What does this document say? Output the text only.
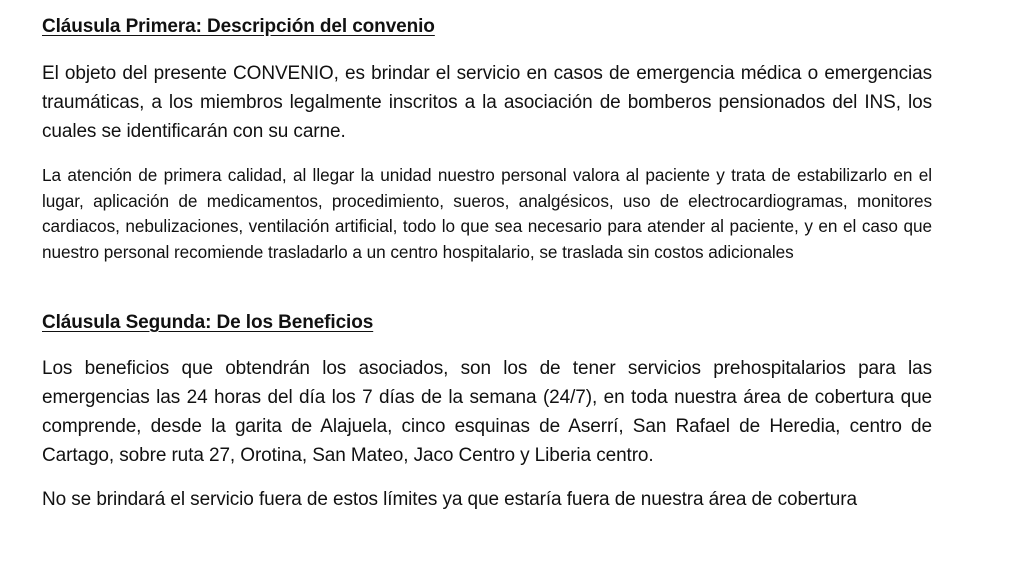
Cláusula Primera: Descripción del convenio

El objeto del presente CONVENIO, es brindar el servicio en casos de emergencia médica o emergencias traumáticas, a los miembros legalmente inscritos a la asociación de bomberos pensionados del INS, los cuales se identificarán con su carne.

La atención de primera calidad, al llegar la unidad nuestro personal valora al paciente y trata de estabilizarlo en el lugar, aplicación de medicamentos, procedimiento, sueros, analgésicos, uso de electrocardiogramas, monitores cardiacos, nebulizaciones, ventilación artificial, todo lo que sea necesario para atender al paciente, y en el caso que nuestro personal recomiende trasladarlo a un centro hospitalario, se traslada sin costos adicionales

Cláusula Segunda: De los Beneficios

Los beneficios que obtendrán los asociados, son los de tener servicios prehospitalarios para las emergencias las 24 horas del día los 7 días de la semana (24/7), en toda nuestra área de cobertura que comprende, desde la garita de Alajuela, cinco esquinas de Aserrí, San Rafael de Heredia, centro de Cartago, sobre ruta 27, Orotina, San Mateo, Jaco Centro y Liberia centro.

No se brindará el servicio fuera de estos límites ya que estaría fuera de nuestra área de cobertura
